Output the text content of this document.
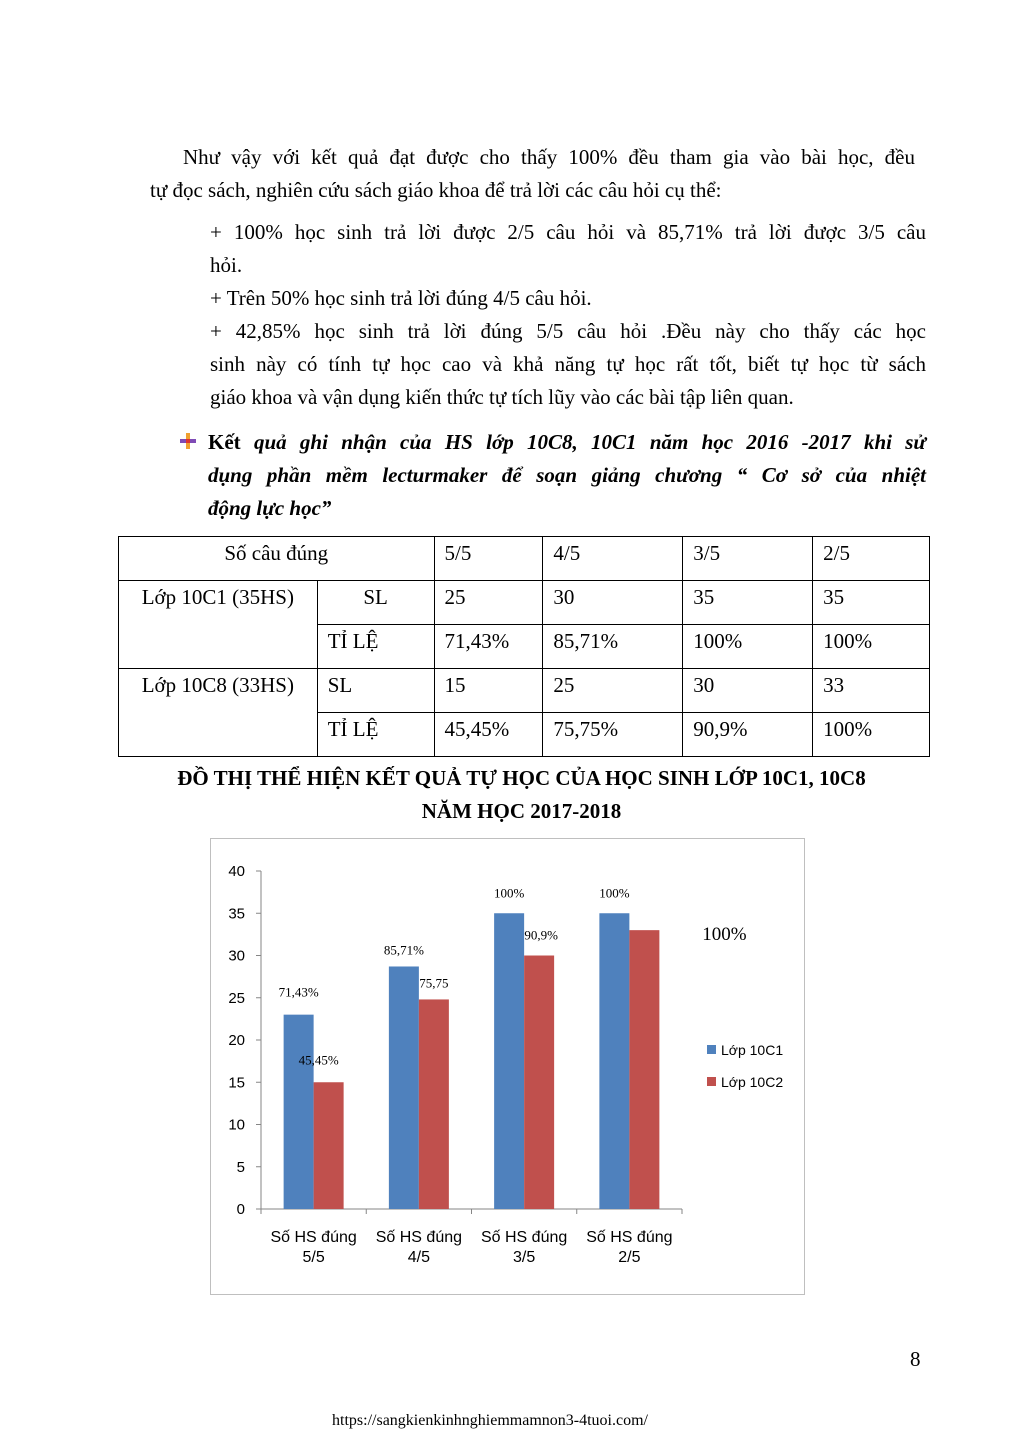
Như vậy với kết quả đạt được cho thấy 100% đều tham gia vào bài học, đều
tự đọc sách, nghiên cứu sách giáo khoa để trả lời các câu hỏi cụ thể:
+ 100% học sinh trả lời được 2/5 câu hỏi và 85,71% trả lời được 3/5 câu
hỏi.
+ Trên 50% học sinh trả lời đúng 4/5 câu hỏi.
+ 42,85% học sinh trả lời đúng 5/5 câu hỏi .Đều này cho thấy các học
sinh này có tính tự học cao và khả năng tự học rất tốt, biết tự học từ sách
giáo khoa và vận dụng kiến thức tự tích lũy vào các bài tập liên quan.
Kết quả ghi nhận của HS lớp 10C8, 10C1 năm học 2016 -2017 khi sử
dụng phần mềm lecturmaker để soạn giảng chương “ Cơ sở của nhiệt
động lực học”
Số câu đúng		5/5	4/5	3/5	2/5
Lớp 10C1 (35HS)	SL	25	30	35	35
	TỈ LỆ	71,43%	85,71%	100%	100%
Lớp 10C8 (33HS)	SL	15	25	30	33
	TỈ LỆ	45,45%	75,75%	90,9%	100%
ĐỒ THỊ THỂ HIỆN KẾT QUẢ TỰ HỌC CỦA HỌC SINH LỚP 10C1, 10C8
NĂM HỌC 2017-2018
0
5
10
15
20
25
30
35
40
71,43%
45,45%
Số HS đúng
5/5
85,71%
75,75
Số HS đúng
4/5
100%
90,9%
Số HS đúng
3/5
100%
100%
Số HS đúng
2/5
Lớp 10C1
Lớp 10C2
8
https://sangkienkinhnghiemmamnon3-4tuoi.com/
